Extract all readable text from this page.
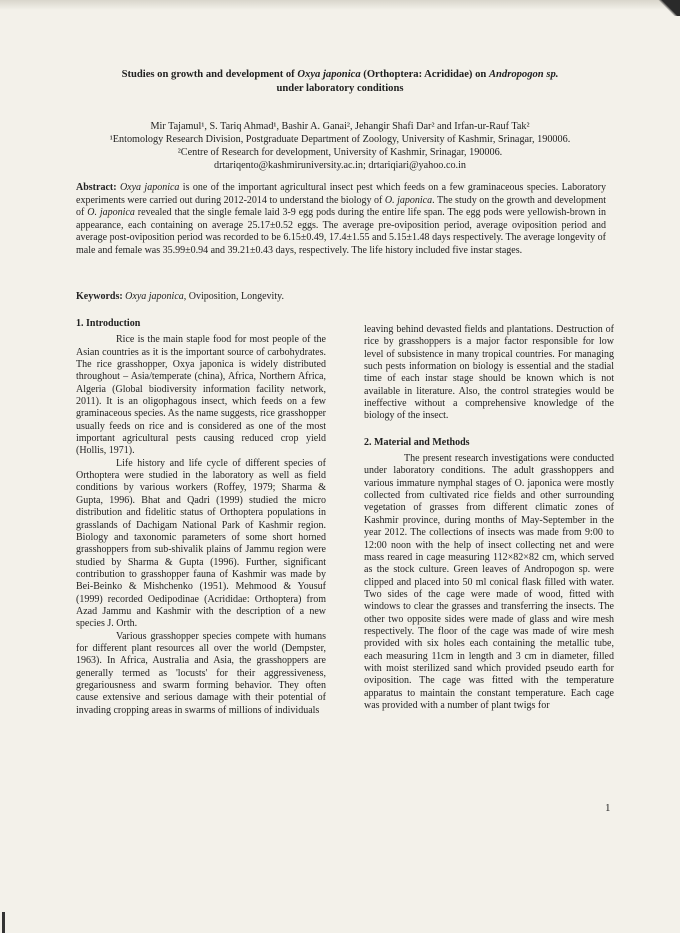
Studies on growth and development of Oxya japonica (Orthoptera: Acrididae) on Andropogon sp.
under laboratory conditions
Mir Tajamul¹, S. Tariq Ahmad¹, Bashir A. Ganai², Jehangir Shafi Dar² and Irfan-ur-Rauf Tak²
¹Entomology Research Division, Postgraduate Department of Zoology, University of Kashmir, Srinagar, 190006.
²Centre of Research for development, University of Kashmir, Srinagar, 190006.
drtariqento@kashmiruniversity.ac.in; drtariqiari@yahoo.co.in
Abstract: Oxya japonica is one of the important agricultural insect pest which feeds on a few graminaceous species. Laboratory experiments were carried out during 2012-2014 to understand the biology of O. japonica. The study on the growth and development of O. japonica revealed that the single female laid 3-9 egg pods during the entire life span. The egg pods were yellowish-brown in appearance, each containing on average 25.17±0.52 eggs. The average pre-oviposition period, average oviposition period and average post-oviposition period was recorded to be 6.15±0.49, 17.4±1.55 and 5.15±1.48 days respectively. The average longevity of male and female was 35.99±0.94 and 39.21±0.43 days, respectively. The life history included five instar stages.
Keywords: Oxya japonica, Oviposition, Longevity.
1. Introduction

Rice is the main staple food for most people of the Asian countries as it is the important source of carbohydrates. The rice grasshopper, Oxya japonica is widely distributed throughout – Asia/temperate (china), Africa, Northern Africa, Algeria (Global biodiversity information facility network, 2011). It is an oligophagous insect, which feeds on a few graminaceous species. As the name suggests, rice grasshopper usually feeds on rice and is considered as one of the most important agricultural pests causing reduced crop yield (Hollis, 1971).

Life history and life cycle of different species of Orthoptera were studied in the laboratory as well as field conditions by various workers (Roffey, 1979; Sharma & Gupta, 1996). Bhat and Qadri (1999) studied the micro distribution and fidelitic status of Orthoptera populations in grasslands of Dachigam National Park of Kashmir region. Biology and taxonomic parameters of some short horned grasshoppers from sub-shivalik plains of Jammu region were studied by Sharma & Gupta (1996). Further, significant contribution to grasshopper fauna of Kashmir was made by Bei-Beinko & Mishchenko (1951). Mehmood & Yousuf (1999) recorded Oedipodinae (Acrididae: Orthoptera) from Azad Jammu and Kashmir with the description of a new species J. Orth.

Various grasshopper species compete with humans for different plant resources all over the world (Dempster, 1963). In Africa, Australia and Asia, the grasshoppers are generally termed as 'locusts' for their aggressiveness, gregariousness and swarm forming behavior. They often cause extensive and serious damage with their potential of invading cropping areas in swarms of millions of individuals

leaving behind devasted fields and plantations. Destruction of rice by grasshoppers is a major factor responsible for low level of subsistence in many tropical countries. For managing such pests information on biology is essential and the stadial time of each instar stage should be known which is not available in literature. Also, the control strategies would be ineffective without a comprehensive knowledge of the biology of the insect.

2. Material and Methods

The present research investigations were conducted under laboratory conditions. The adult grasshoppers and various immature nymphal stages of O. japonica were mostly collected from cultivated rice fields and other surrounding vegetation of grasses from different climatic zones of Kashmir province, during months of May-September in the year 2012. The collections of insects was made from 9:00 to 12:00 noon with the help of insect collecting net and were mass reared in cage measuring 112×82×82 cm, which served as the stock culture. Green leaves of Andropogon sp. were clipped and placed into 50 ml conical flask filled with water. Two sides of the cage were made of wood, fitted with windows to clear the grasses and transferring the insects. The other two opposite sides were made of glass and wire mesh respectively. The floor of the cage was made of wire mesh provided with six holes each containing the metallic tube, each measuring 11cm in length and 3 cm in diameter, filled with moist sterilized sand which provided pseudo earth for oviposition. The cage was fitted with the temperature apparatus to maintain the constant temperature. Each cage was provided with a number of plant twigs for

1
